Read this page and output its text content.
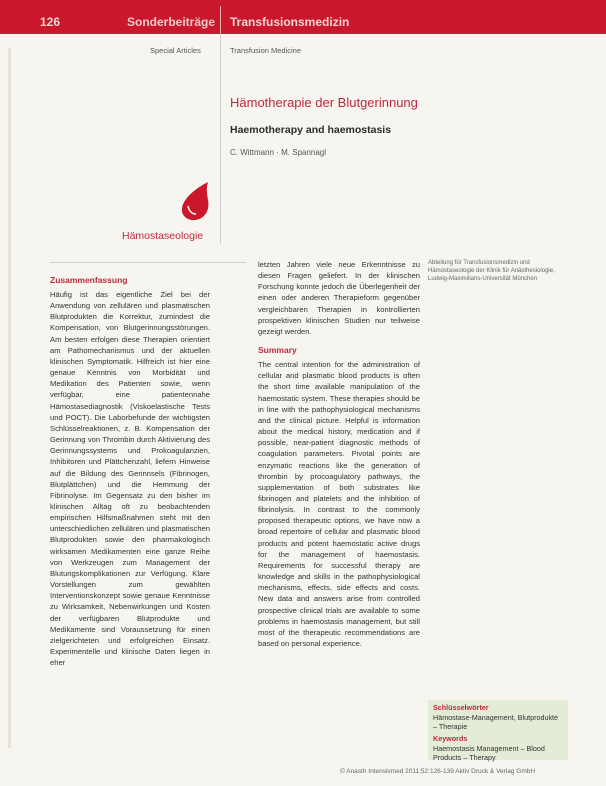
126	Sonderbeiträge Transfusionsmedizin
Special Articles	Transfusion Medicine
Hämotherapie der Blutgerinnung
Haemotherapy and haemostasis
C. Wittmann · M. Spannagl
Hämostaseologie

Zusammenfassung

Häufig ist das eigentliche Ziel bei der Anwendung von zellulären und plasmatischen Blutprodukten die Korrektur, zumindest die Kompensation, von Blutgerinnungsstörungen. Am besten erfolgen diese Therapien orientiert am Pathomechanismus und der aktuellen klinischen Symptomatik. Hilfreich ist hier eine genaue Kenntnis von Morbidität und Medikation des Patienten sowie, wenn verfügbar, eine patientennahe Hämostasediagnostik (Viskoelastische Tests und POCT). Die Laborbefunde der wichtigsten Schlüsselreaktionen, z. B. Kompensation der Gerinnung von Thrombin durch Aktivierung des Gerinnungssystems und Prokoagulanzien, Inhibitoren und Plättchenzahl, liefern Hinweise auf die Bildung des Gerinnsels (Fibrinogen, Blutplättchen) und die Hemmung der Fibrinolyse. Im Gegensatz zu den bisher im klinischen Alltag oft zu beobachtenden empirischen Hilfsmaßnahmen steht mit den unterschiedlichen zellulären und plasmatischen Blutprodukten sowie den pharmakologisch wirksamen Medikamenten eine ganze Reihe von Werkzeugen zum Management der Blutungskomplikationen zur Verfügung. Klare Vorstellungen zum gewählten Interventionskonzept sowie genaue Kenntnisse zu Wirksamkeit, Nebenwirkungen und Kosten der verfügbaren Blutprodukte und Medikamente sind Voraussetzung für einen zielgerichteten und erfolgreichen Einsatz. Experimentelle und klinische Daten liegen in eher

letzten Jahren viele neue Erkenntnisse zu diesen Fragen geliefert. In der klinischen Forschung konnte jedoch die Überlegenheit der einen oder anderen Therapieform gegenüber vergleichbaren Therapien in kontrollierten prospektiven klinischen Studien nur teilweise gezeigt werden.

Summary

The central intention for the administration of cellular and plasmatic blood products is often the short time available manipulation of the haemostatic system. These therapies should be in line with the pathophysiological mechanisms and the clinical picture. Helpful is information about the medical history, medication and if possible, near-patient diagnostic methods of coagulation parameters. Pivotal points are enzymatic reactions like the generation of thrombin by procoagulatory pathways, the supplementation of both substrates like fibrinogen and platelets and the inhibition of fibrinolysis. In contrast to the commonly proposed therapeutic options, we have now a broad repertoire of cellular and plasmatic blood products and potent haemostatic active drugs for the management of haemostasis. Requirements for successful therapy are knowledge and skills in the pathophysiological mechanisms, effects, side effects and costs. New data and answers arise from controlled prospective clinical trials are available to some problems in haemostasis management, but still most of the therapeutic recommendations are based on personal experience.

Abteilung für Transfusionsmedizin und Hämostaseologie der Klinik für Anästhesiologie, Ludwig-Maximilians-Universität München

Schlüsselwörter

Hämostase-Management, Blutprodukte – Therapie

Keywords

Haemostasis Management – Blood Products – Therapy

© Anasth Intensivmed 2011;52:126-139 Aktiv Druck & Verlag GmbH
